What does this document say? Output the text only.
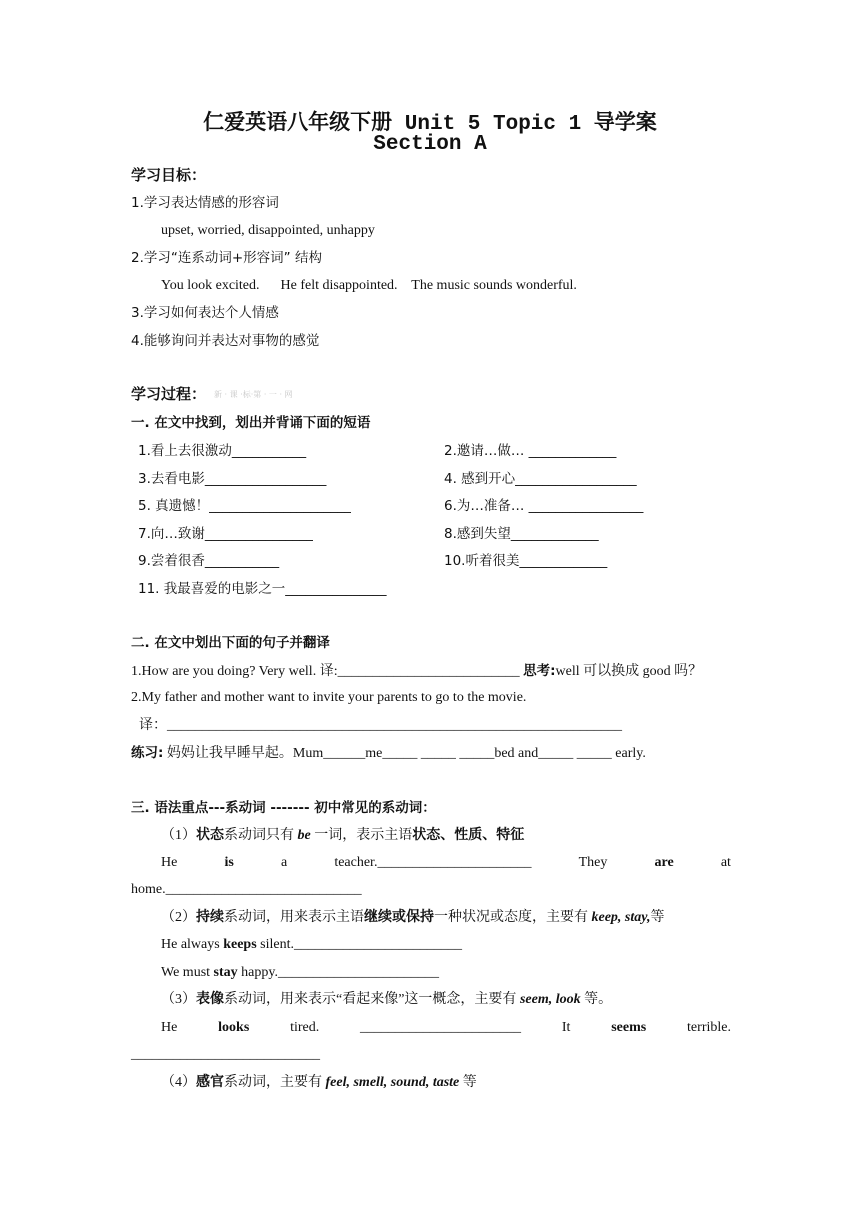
仁爱英语八年级下册 Unit 5 Topic 1 导学案
Section A
学习目标：
1.学习表达情感的形容词
upset, worried, disappointed, unhappy
2.学习“连系动词+形容词” 结构
You look excited.      He felt disappointed.    The music sounds wonderful.
3.学习如何表达个人情感
4.能够询问并表达对事物的感觉
学习过程： 新 · 课 ·标·第 · 一 · 网
一. 在文中找到，划出并背诵下面的短语
1.看上去很激动___________	2.邀请…做… _____________
3.去看电影__________________	4. 感到开心__________________
5. 真遗憾！_____________________	6.为…准备… _________________
7.向…致谢________________	8.感到失望_____________
9.尝着很香___________	10.听着很美_____________
11. 我最喜爱的电影之一_______________
二. 在文中划出下面的句子并翻译
1.How are you doing? Very well. 译:__________________________ 思考:well 可以换成 good 吗？
2.My father and mother want to invite your parents to go to the movie.
译：_________________________________________________________________
练习: 妈妈让我早睡早起。Mum______me_____ _____ _____bed and_____ _____ early.
三. 语法重点---系动词 ------- 初中常见的系动词：
（1）状态系动词只有 be 一词，表示主语状态、性质、特征
He	is	a	teacher.______________________	They	are	at
home.____________________________
（2）持续系动词，用来表示主语继续或保持一种状况或态度，主要有 keep, stay,等
He always keeps silent.________________________
We must stay happy._______________________
（3）表像系动词，用来表示“看起来像”这一概念，主要有 seem, look 等。
He	looks	tired.	_______________________	It	seems	terrible.
___________________________
（4）感官系动词，主要有 feel, smell, sound, taste 等
